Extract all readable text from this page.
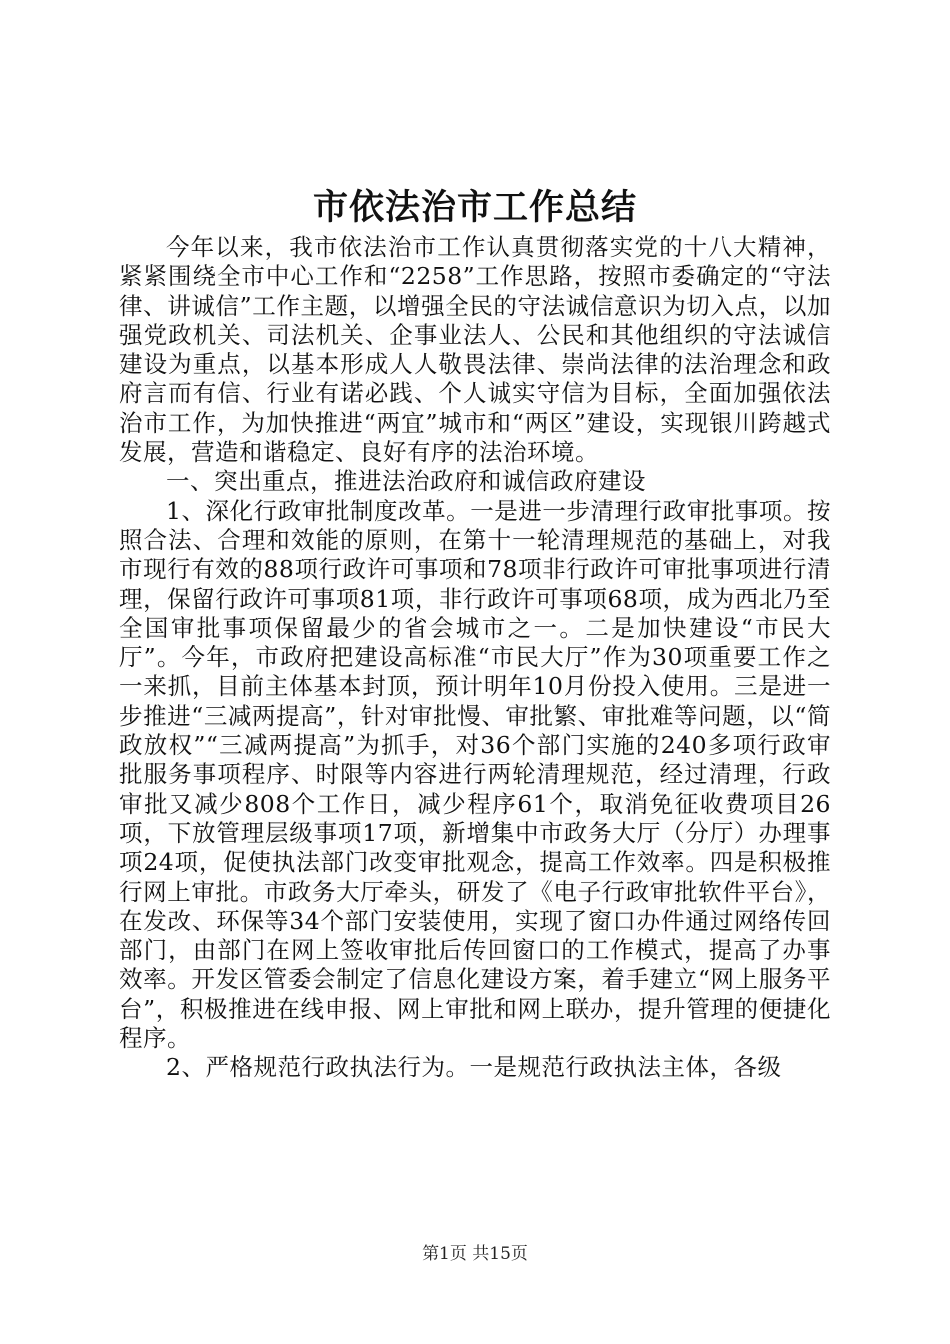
市依法治市工作总结

今年以来，我市依法治市工作认真贯彻落实党的十八大精神，紧紧围绕全市中心工作和“2258”工作思路，按照市委确定的“守法律、讲诚信”工作主题，以增强全民的守法诚信意识为切入点，以加强党政机关、司法机关、企事业法人、公民和其他组织的守法诚信建设为重点，以基本形成人人敬畏法律、崇尚法律的法治理念和政府言而有信、行业有诺必践、个人诚实守信为目标，全面加强依法治市工作，为加快推进“两宜”城市和“两区”建设，实现银川跨越式发展，营造和谐稳定、良好有序的法治环境。

一、突出重点，推进法治政府和诚信政府建设

1、深化行政审批制度改革。一是进一步清理行政审批事项。按照合法、合理和效能的原则，在第十一轮清理规范的基础上，对我市现行有效的88项行政许可事项和78项非行政许可审批事项进行清理，保留行政许可事项81项，非行政许可事项68项，成为西北乃至全国审批事项保留最少的省会城市之一。二是加快建设“市民大厅”。今年，市政府把建设高标准“市民大厅”作为30项重要工作之一来抓，目前主体基本封顶，预计明年10月份投入使用。三是进一步推进“三减两提高”，针对审批慢、审批繁、审批难等问题，以“简政放权”“三减两提高”为抓手，对36个部门实施的240多项行政审批服务事项程序、时限等内容进行两轮清理规范，经过清理，行政审批又减少808个工作日，减少程序61个，取消免征收费项目26项，下放管理层级事项17项，新增集中市政务大厅（分厅）办理事项24项，促使执法部门改变审批观念，提高工作效率。四是积极推行网上审批。市政务大厅牵头，研发了《电子行政审批软件平台》，在发改、环保等34个部门安装使用，实现了窗口办件通过网络传回部门，由部门在网上签收审批后传回窗口的工作模式，提高了办事效率。开发区管委会制定了信息化建设方案，着手建立“网上服务平台”，积极推进在线申报、网上审批和网上联办，提升管理的便捷化程序。

2、严格规范行政执法行为。一是规范行政执法主体，各级

第1页 共15页
